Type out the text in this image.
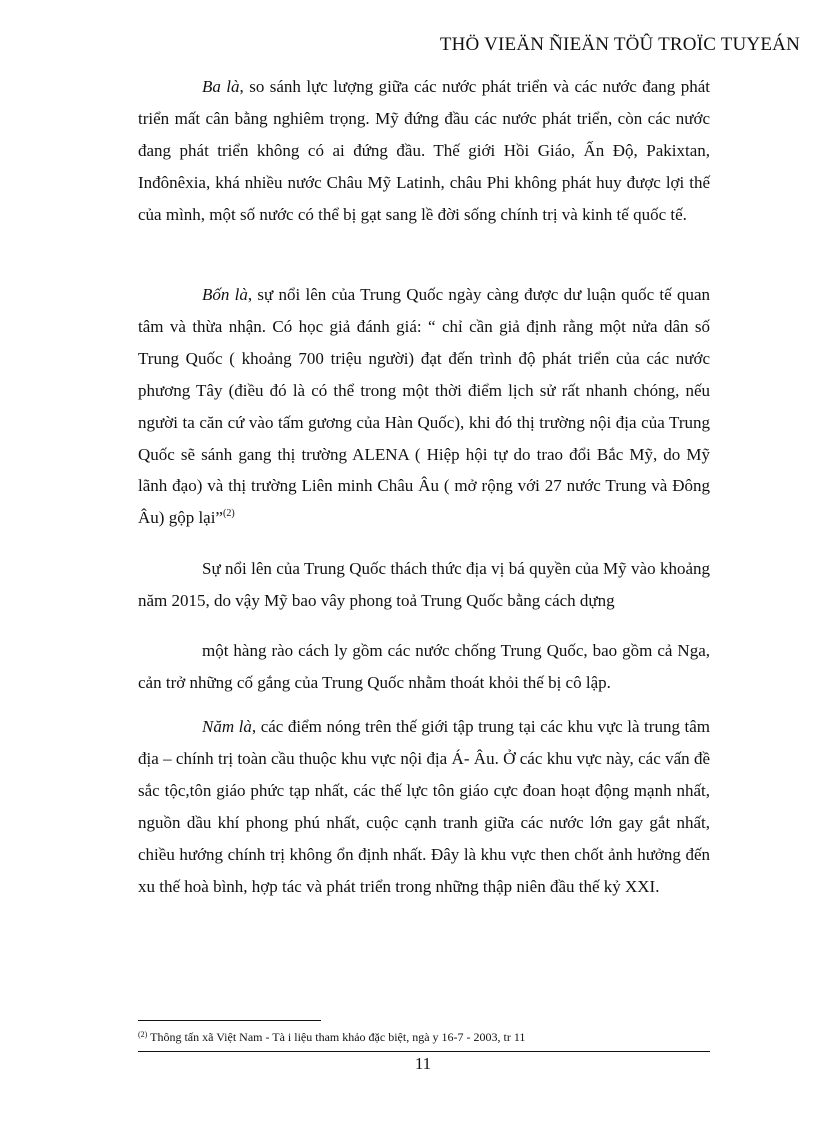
THÖ VIEÄN ÑIEÄN TÖÛ TROÏC TUYEÁN

Ba là, so sánh lực lượng giữa các nước phát triển và các nước đang phát triển mất cân bằng nghiêm trọng. Mỹ đứng đầu các nước phát triển, còn các nước đang phát triển không có ai đứng đầu. Thế giới Hồi Giáo, Ấn Độ, Pakixtan, Inđônêxia, khá nhiều nước Châu Mỹ Latinh, châu Phi không phát huy được lợi thế của mình, một số nước có thể bị gạt sang lề đời sống chính trị và kinh tế quốc tế.

Bốn là, sự nổi lên của Trung Quốc ngày càng được dư luận quốc tế quan tâm và thừa nhận. Có học giả đánh giá: “ chỉ cần giả định rằng một nửa dân số Trung Quốc ( khoảng 700 triệu người) đạt đến trình độ phát triển của các nước phương Tây (điều đó là có thể trong một thời điểm lịch sử rất nhanh chóng, nếu người ta căn cứ vào tấm gương của Hàn Quốc), khi đó thị trường nội địa của Trung Quốc sẽ sánh gang thị trường ALENA ( Hiệp hội tự do trao đổi Bắc Mỹ, do Mỹ lãnh đạo) và thị trường Liên minh Châu Âu ( mở rộng với 27 nước Trung và Đông Âu) gộp lại”$^{(2)}$

Sự nổi lên của Trung Quốc thách thức địa vị bá quyền của Mỹ vào khoảng năm 2015, do vậy Mỹ bao vây phong toả Trung Quốc bằng cách dựng

một hàng rào cách ly gồm các nước chống Trung Quốc, bao gồm cả Nga, cản trở những cố gắng của Trung Quốc nhằm thoát khỏi thế bị cô lập.

Năm là, các điểm nóng trên thế giới tập trung tại các khu vực là trung tâm địa – chính trị toàn cầu thuộc khu vực nội địa Á- Âu. Ở các khu vực này, các vấn đề sắc tộc,tôn giáo phức tạp nhất, các thế lực tôn giáo cực đoan hoạt động mạnh nhất, nguồn dầu khí phong phú nhất, cuộc cạnh tranh giữa các nước lớn gay gắt nhất, chiều hướng chính trị không ổn định nhất. Đây là khu vực then chốt ảnh hưởng đến xu thế hoà bình, hợp tác và phát triển trong những thập niên đầu thế kỷ XXI.

$^{(2)}$ Thông tấn xã Việt Nam - Tà i liệu tham khảo đặc biệt, ngà y 16-7 - 2003, tr 11
11
